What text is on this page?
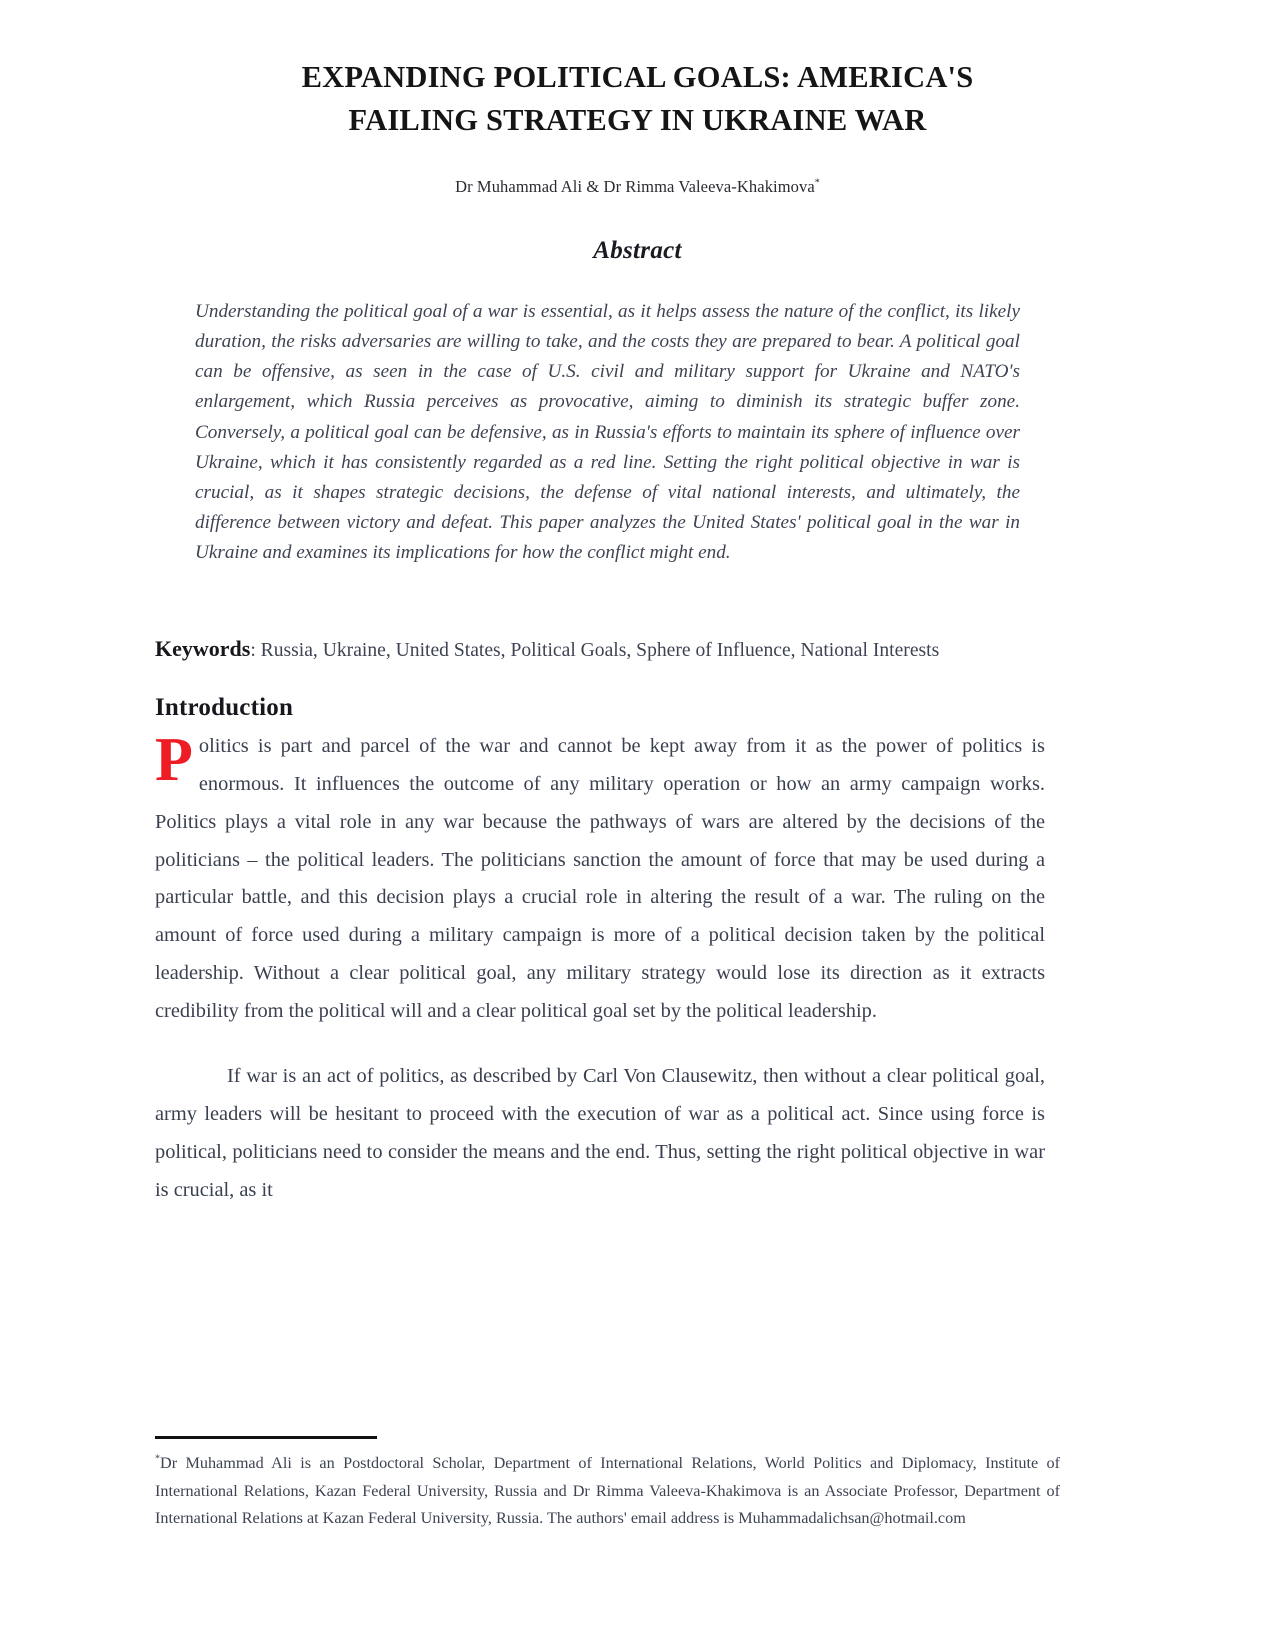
EXPANDING POLITICAL GOALS: AMERICA'S
FAILING STRATEGY IN UKRAINE WAR
Dr Muhammad Ali & Dr Rimma Valeeva-Khakimova*
Abstract

Understanding the political goal of a war is essential, as it helps assess the nature of the conflict, its likely duration, the risks adversaries are willing to take, and the costs they are prepared to bear. A political goal can be offensive, as seen in the case of U.S. civil and military support for Ukraine and NATO's enlargement, which Russia perceives as provocative, aiming to diminish its strategic buffer zone. Conversely, a political goal can be defensive, as in Russia's efforts to maintain its sphere of influence over Ukraine, which it has consistently regarded as a red line. Setting the right political objective in war is crucial, as it shapes strategic decisions, the defense of vital national interests, and ultimately, the difference between victory and defeat. This paper analyzes the United States' political goal in the war in Ukraine and examines its implications for how the conflict might end.

Keywords: Russia, Ukraine, United States, Political Goals, Sphere of Influence, National Interests

Introduction

Politics is part and parcel of the war and cannot be kept away from it as the power of politics is enormous. It influences the outcome of any military operation or how an army campaign works. Politics plays a vital role in any war because the pathways of wars are altered by the decisions of the politicians – the political leaders. The politicians sanction the amount of force that may be used during a particular battle, and this decision plays a crucial role in altering the result of a war. The ruling on the amount of force used during a military campaign is more of a political decision taken by the political leadership. Without a clear political goal, any military strategy would lose its direction as it extracts credibility from the political will and a clear political goal set by the political leadership.

If war is an act of politics, as described by Carl Von Clausewitz, then without a clear political goal, army leaders will be hesitant to proceed with the execution of war as a political act. Since using force is political, politicians need to consider the means and the end. Thus, setting the right political objective in war is crucial, as it

*Dr Muhammad Ali is an Postdoctoral Scholar, Department of International Relations, World Politics and Diplomacy, Institute of International Relations, Kazan Federal University, Russia and Dr Rimma Valeeva-Khakimova is an Associate Professor, Department of International Relations at Kazan Federal University, Russia. The authors' email address is Muhammadalichsan@hotmail.com
